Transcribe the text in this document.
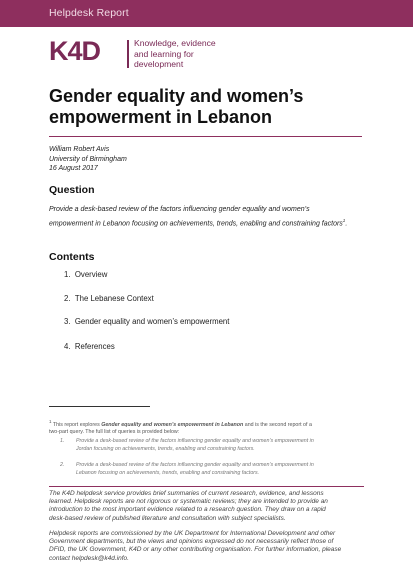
Helpdesk Report
K4D	Knowledge, evidence
and learning for
development
Gender equality and women’s
empowerment in Lebanon
William Robert Avis
University of Birmingham
16 August 2017
Question
Provide a desk-based review of the factors influencing gender equality and women’s
empowerment in Lebanon focusing on achievements, trends, enabling and constraining factors$^1$.
Contents
1. Overview
2. The Lebanese Context
3. Gender equality and women’s empowerment
4. References
$^1$ This report explores Gender equality and women’s empowerment in Lebanon and is the second report of a
two-part query. The full list of queries is provided below:
1. Provide a desk-based review of the factors influencing gender equality and women’s empowerment in
Jordan focusing on achievements, trends, enabling and constraining factors.
2. Provide a desk-based review of the factors influencing gender equality and women’s empowerment in
Lebanon focusing on achievements, trends, enabling and constraining factors.
The K4D helpdesk service provides brief summaries of current research, evidence, and lessons
learned. Helpdesk reports are not rigorous or systematic reviews; they are intended to provide an
introduction to the most important evidence related to a research question. They draw on a rapid
desk-based review of published literature and consultation with subject specialists.
Helpdesk reports are commissioned by the UK Department for International Development and other
Government departments, but the views and opinions expressed do not necessarily reflect those of
DFID, the UK Government, K4D or any other contributing organisation. For further information, please
contact helpdesk@k4d.info.
